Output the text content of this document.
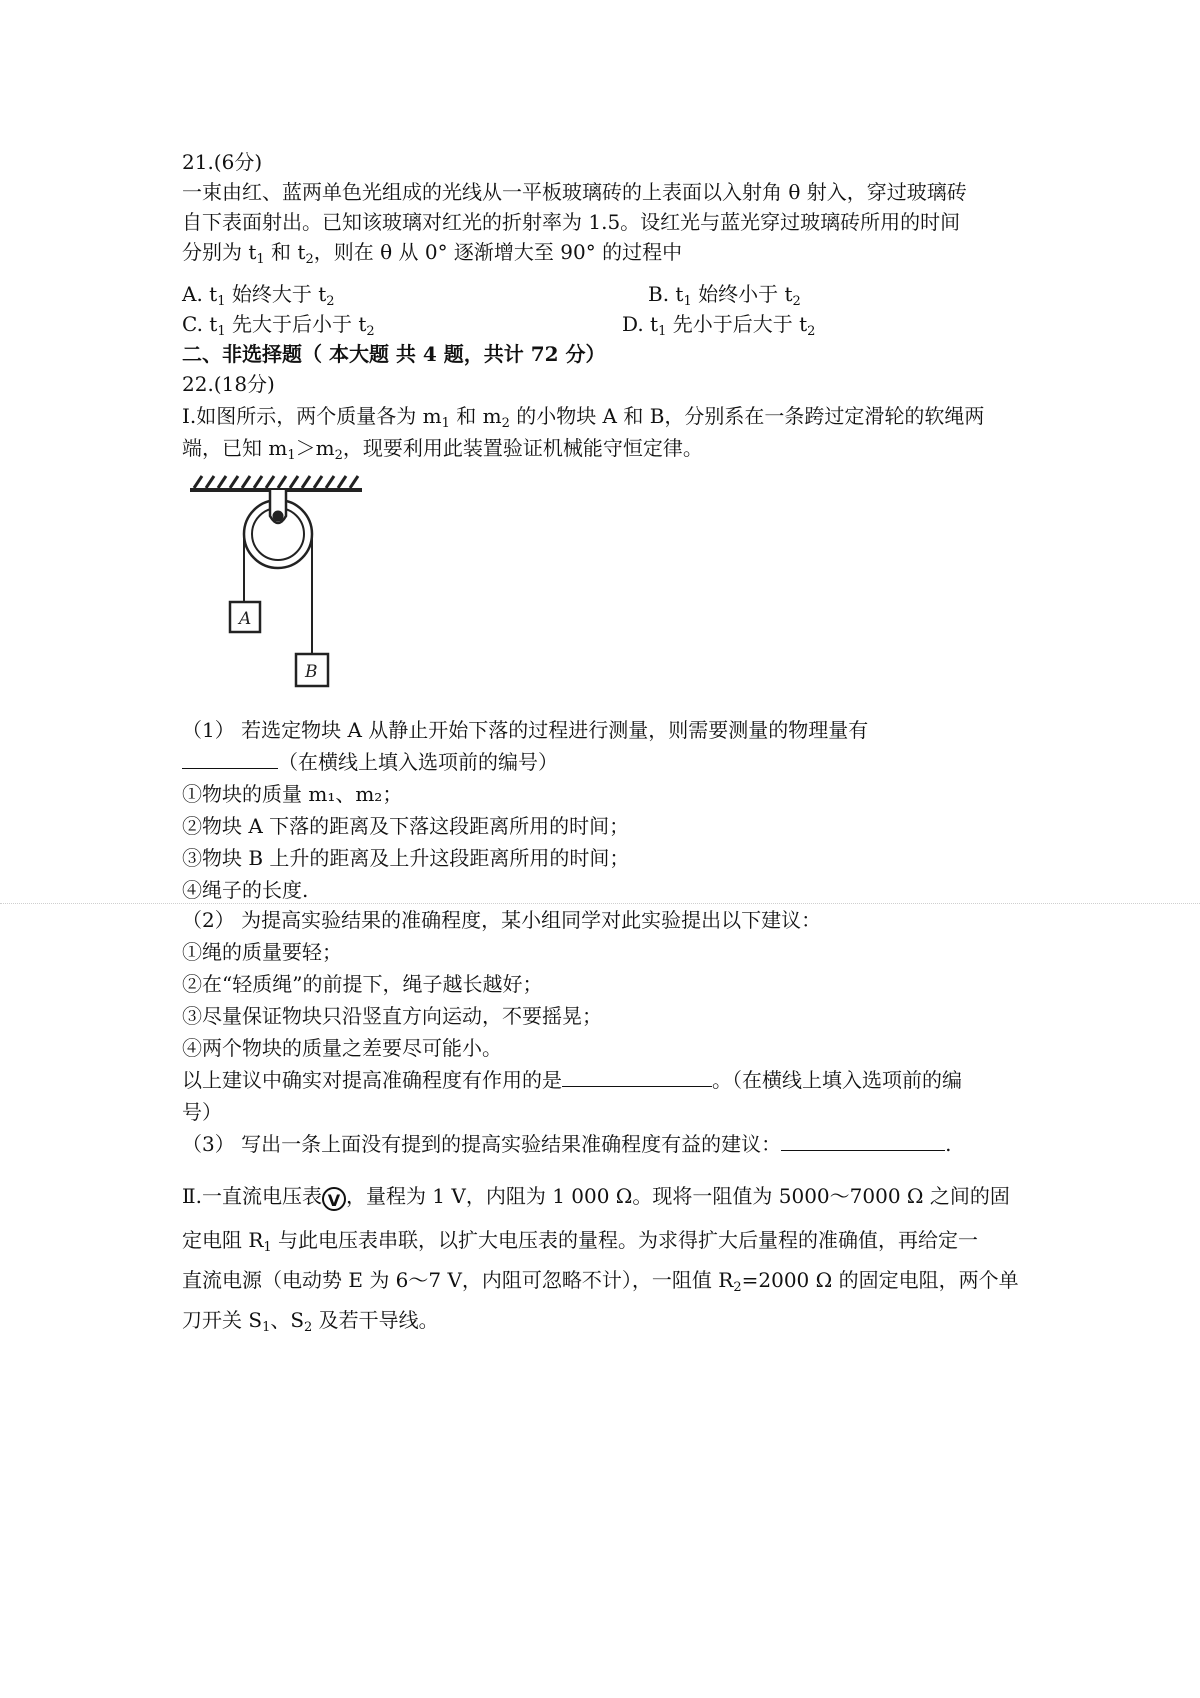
21.(6分)
一束由红、蓝两单色光组成的光线从一平板玻璃砖的上表面以入射角 θ 射入，穿过玻璃砖
自下表面射出。已知该玻璃对红光的折射率为 1.5。设红光与蓝光穿过玻璃砖所用的时间
分别为 $t_1$ 和 $t_2$，则在 θ 从 0° 逐渐增大至 90° 的过程中
A. $t_1$ 始终大于 $t_2$	B. $t_1$ 始终小于 $t_2$
C. $t_1$ 先大于后小于 $t_2$	D. $t_1$ 先小于后大于 $t_2$
二、非选择题（ 本大题 共 4 题，共计 72 分）
22.(18分)
Ⅰ.如图所示，两个质量各为 $m_1$ 和 $m_2$ 的小物块 A 和 B，分别系在一条跨过定滑轮的软绳两
端，已知 $m_1>m_2$，现要利用此装置验证机械能守恒定律。
A
B
（1） 若选定物块 A 从静止开始下落的过程进行测量，则需要测量的物理量有
（在横线上填入选项前的编号）
①物块的质量 m₁、m₂；
②物块 A 下落的距离及下落这段距离所用的时间；
③物块 B 上升的距离及上升这段距离所用的时间；
④绳子的长度.
（2） 为提高实验结果的准确程度，某小组同学对此实验提出以下建议：
①绳的质量要轻；
②在“轻质绳”的前提下，绳子越长越好；
③尽量保证物块只沿竖直方向运动，不要摇晃；
④两个物块的质量之差要尽可能小。
以上建议中确实对提高准确程度有作用的是	。（在横线上填入选项前的编
号）
（3） 写出一条上面没有提到的提高实验结果准确程度有益的建议：	.
Ⅱ.一直流电压表 V ，量程为 1 V，内阻为 1 000 Ω。现将一阻值为 5000～7000 Ω 之间的固
定电阻 $R_1$ 与此电压表串联，以扩大电压表的量程。为求得扩大后量程的准确值，再给定一
直流电源（电动势 E 为 6～7 V，内阻可忽略不计），一阻值 $R_2=2000$ Ω 的固定电阻，两个单
刀开关 $S_1$、$S_2$ 及若干导线。
